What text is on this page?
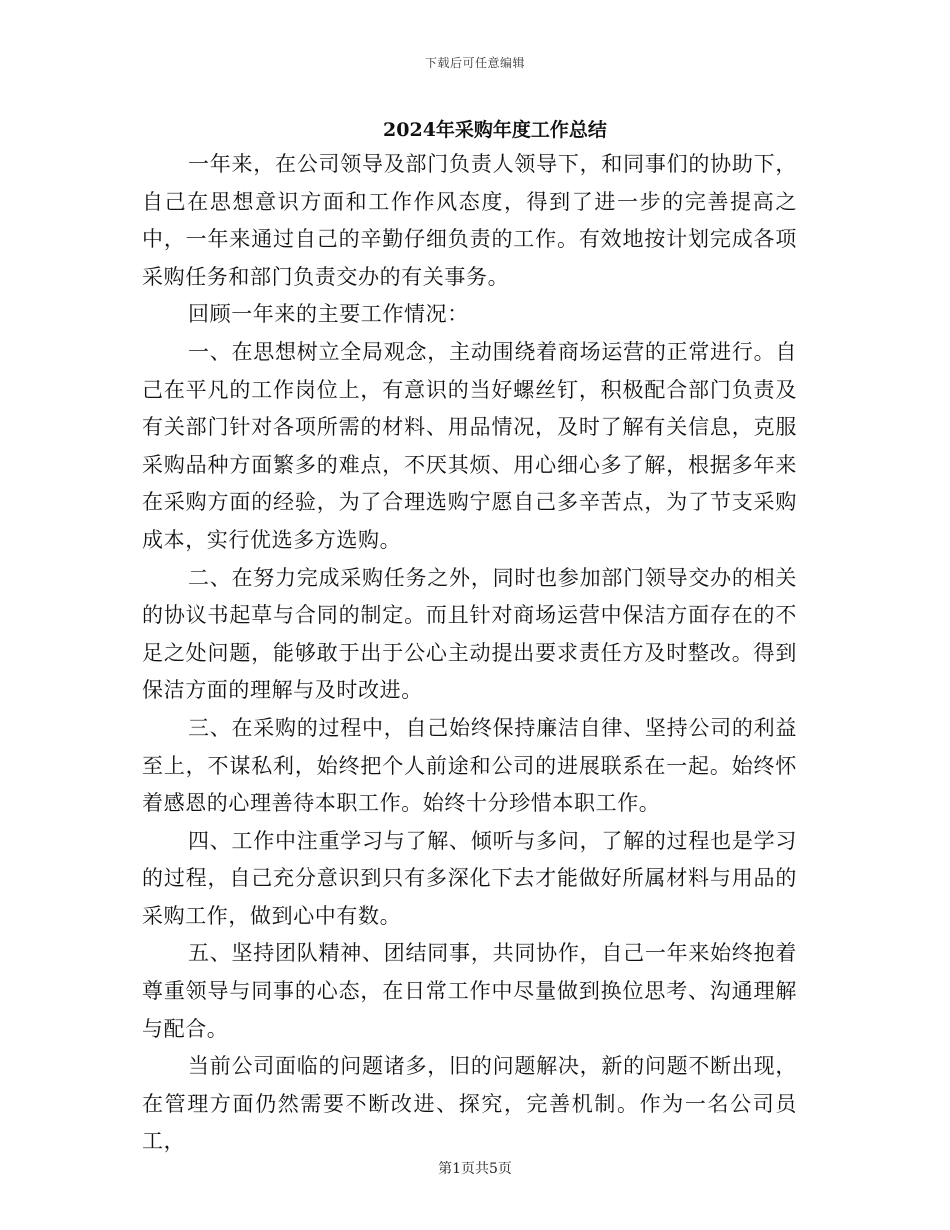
下载后可任意编辑
2024年采购年度工作总结

一年来，在公司领导及部门负责人领导下，和同事们的协助下，自己在思想意识方面和工作作风态度，得到了进一步的完善提高之中，一年来通过自己的辛勤仔细负责的工作。有效地按计划完成各项采购任务和部门负责交办的有关事务。

回顾一年来的主要工作情况：

一、在思想树立全局观念，主动围绕着商场运营的正常进行。自己在平凡的工作岗位上，有意识的当好螺丝钉，积极配合部门负责及有关部门针对各项所需的材料、用品情况，及时了解有关信息，克服采购品种方面繁多的难点，不厌其烦、用心细心多了解，根据多年来在采购方面的经验，为了合理选购宁愿自己多辛苦点，为了节支采购成本，实行优选多方选购。

二、在努力完成采购任务之外，同时也参加部门领导交办的相关的协议书起草与合同的制定。而且针对商场运营中保洁方面存在的不足之处问题，能够敢于出于公心主动提出要求责任方及时整改。得到保洁方面的理解与及时改进。

三、在采购的过程中，自己始终保持廉洁自律、坚持公司的利益至上，不谋私利，始终把个人前途和公司的进展联系在一起。始终怀着感恩的心理善待本职工作。始终十分珍惜本职工作。

四、工作中注重学习与了解、倾听与多问，了解的过程也是学习的过程，自己充分意识到只有多深化下去才能做好所属材料与用品的采购工作，做到心中有数。

五、坚持团队精神、团结同事，共同协作，自己一年来始终抱着尊重领导与同事的心态，在日常工作中尽量做到换位思考、沟通理解与配合。

当前公司面临的问题诸多，旧的问题解决，新的问题不断出现，在管理方面仍然需要不断改进、探究，完善机制。作为一名公司员工，

第1页共5页
